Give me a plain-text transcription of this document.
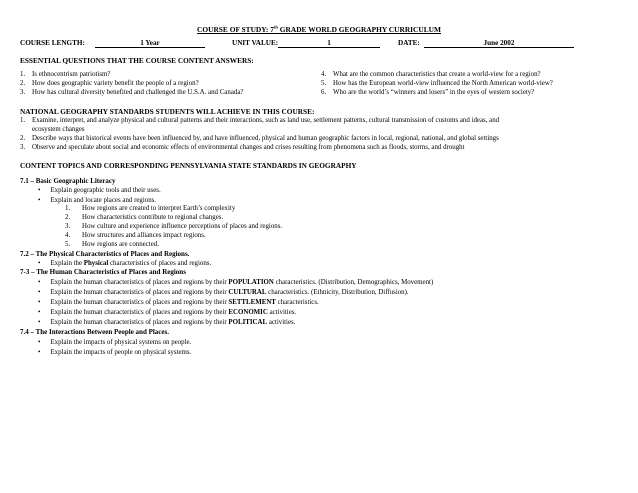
COURSE OF STUDY: 7th GRADE WORLD GEOGRAPHY CURRICULUM
COURSE LENGTH:	1 Year	UNIT VALUE:	1	DATE:	June 2002
ESSENTIAL QUESTIONS THAT THE COURSE CONTENT ANSWERS:
1. Is ethnocentrism patriotism?
2. How does geographic variety benefit the people of a region?
3. How has cultural diversity benefited and challenged the U.S.A. and Canada?
4. What are the common characteristics that create a world-view for a region?
5. How has the European world-view influenced the North American world-view?
6. Who are the world’s “winners and losers” in the eyes of western society?
NATIONAL GEOGRAPHY STANDARDS STUDENTS WILL ACHIEVE IN THIS COURSE:
1. Examine, interpret, and analyze physical and cultural patterns and their interactions, such as land use, settlement patterns, cultural transmission of customs and ideas, and
ecosystem changes
2. Describe ways that historical events have been influenced by, and have influenced, physical and human geographic factors in local, regional, national, and global settings
3. Observe and speculate about social and economic effects of environmental changes and crises resulting from phenomena such as floods, storms, and drought
CONTENT TOPICS AND CORRESPONDING PENNSYLVANIA STATE STANDARDS IN GEOGRAPHY
7.1 – Basic Geographic Literacy
• Explain geographic tools and their uses.
• Explain and locate places and regions.
1. How regions are created to interpret Earth’s complexity
2. How characteristics contribute to regional changes.
3. How culture and experience influence perceptions of places and regions.
4. How structures and alliances impact regions.
5. How regions are connected.
7.2 – The Physical Characteristics of Places and Regions.
• Explain the Physical characteristics of places and regions.
7-3 – The Human Characteristics of Places and Regions
• Explain the human characteristics of places and regions by their POPULATION characteristics. (Distribution, Demographics, Movement)
• Explain the human characteristics of places and regions by their CULTURAL characteristics. (Ethnicity, Distribution, Diffusion).
• Explain the human characteristics of places and regions by their SETTLEMENT characteristics.
• Explain the human characteristics of places and regions by their ECONOMIC activities.
• Explain the human characteristics of places and regions by their POLITICAL activities.
7.4 – The Interactions Between People and Places.
• Explain the impacts of physical systems on people.
• Explain the impacts of people on physical systems.
